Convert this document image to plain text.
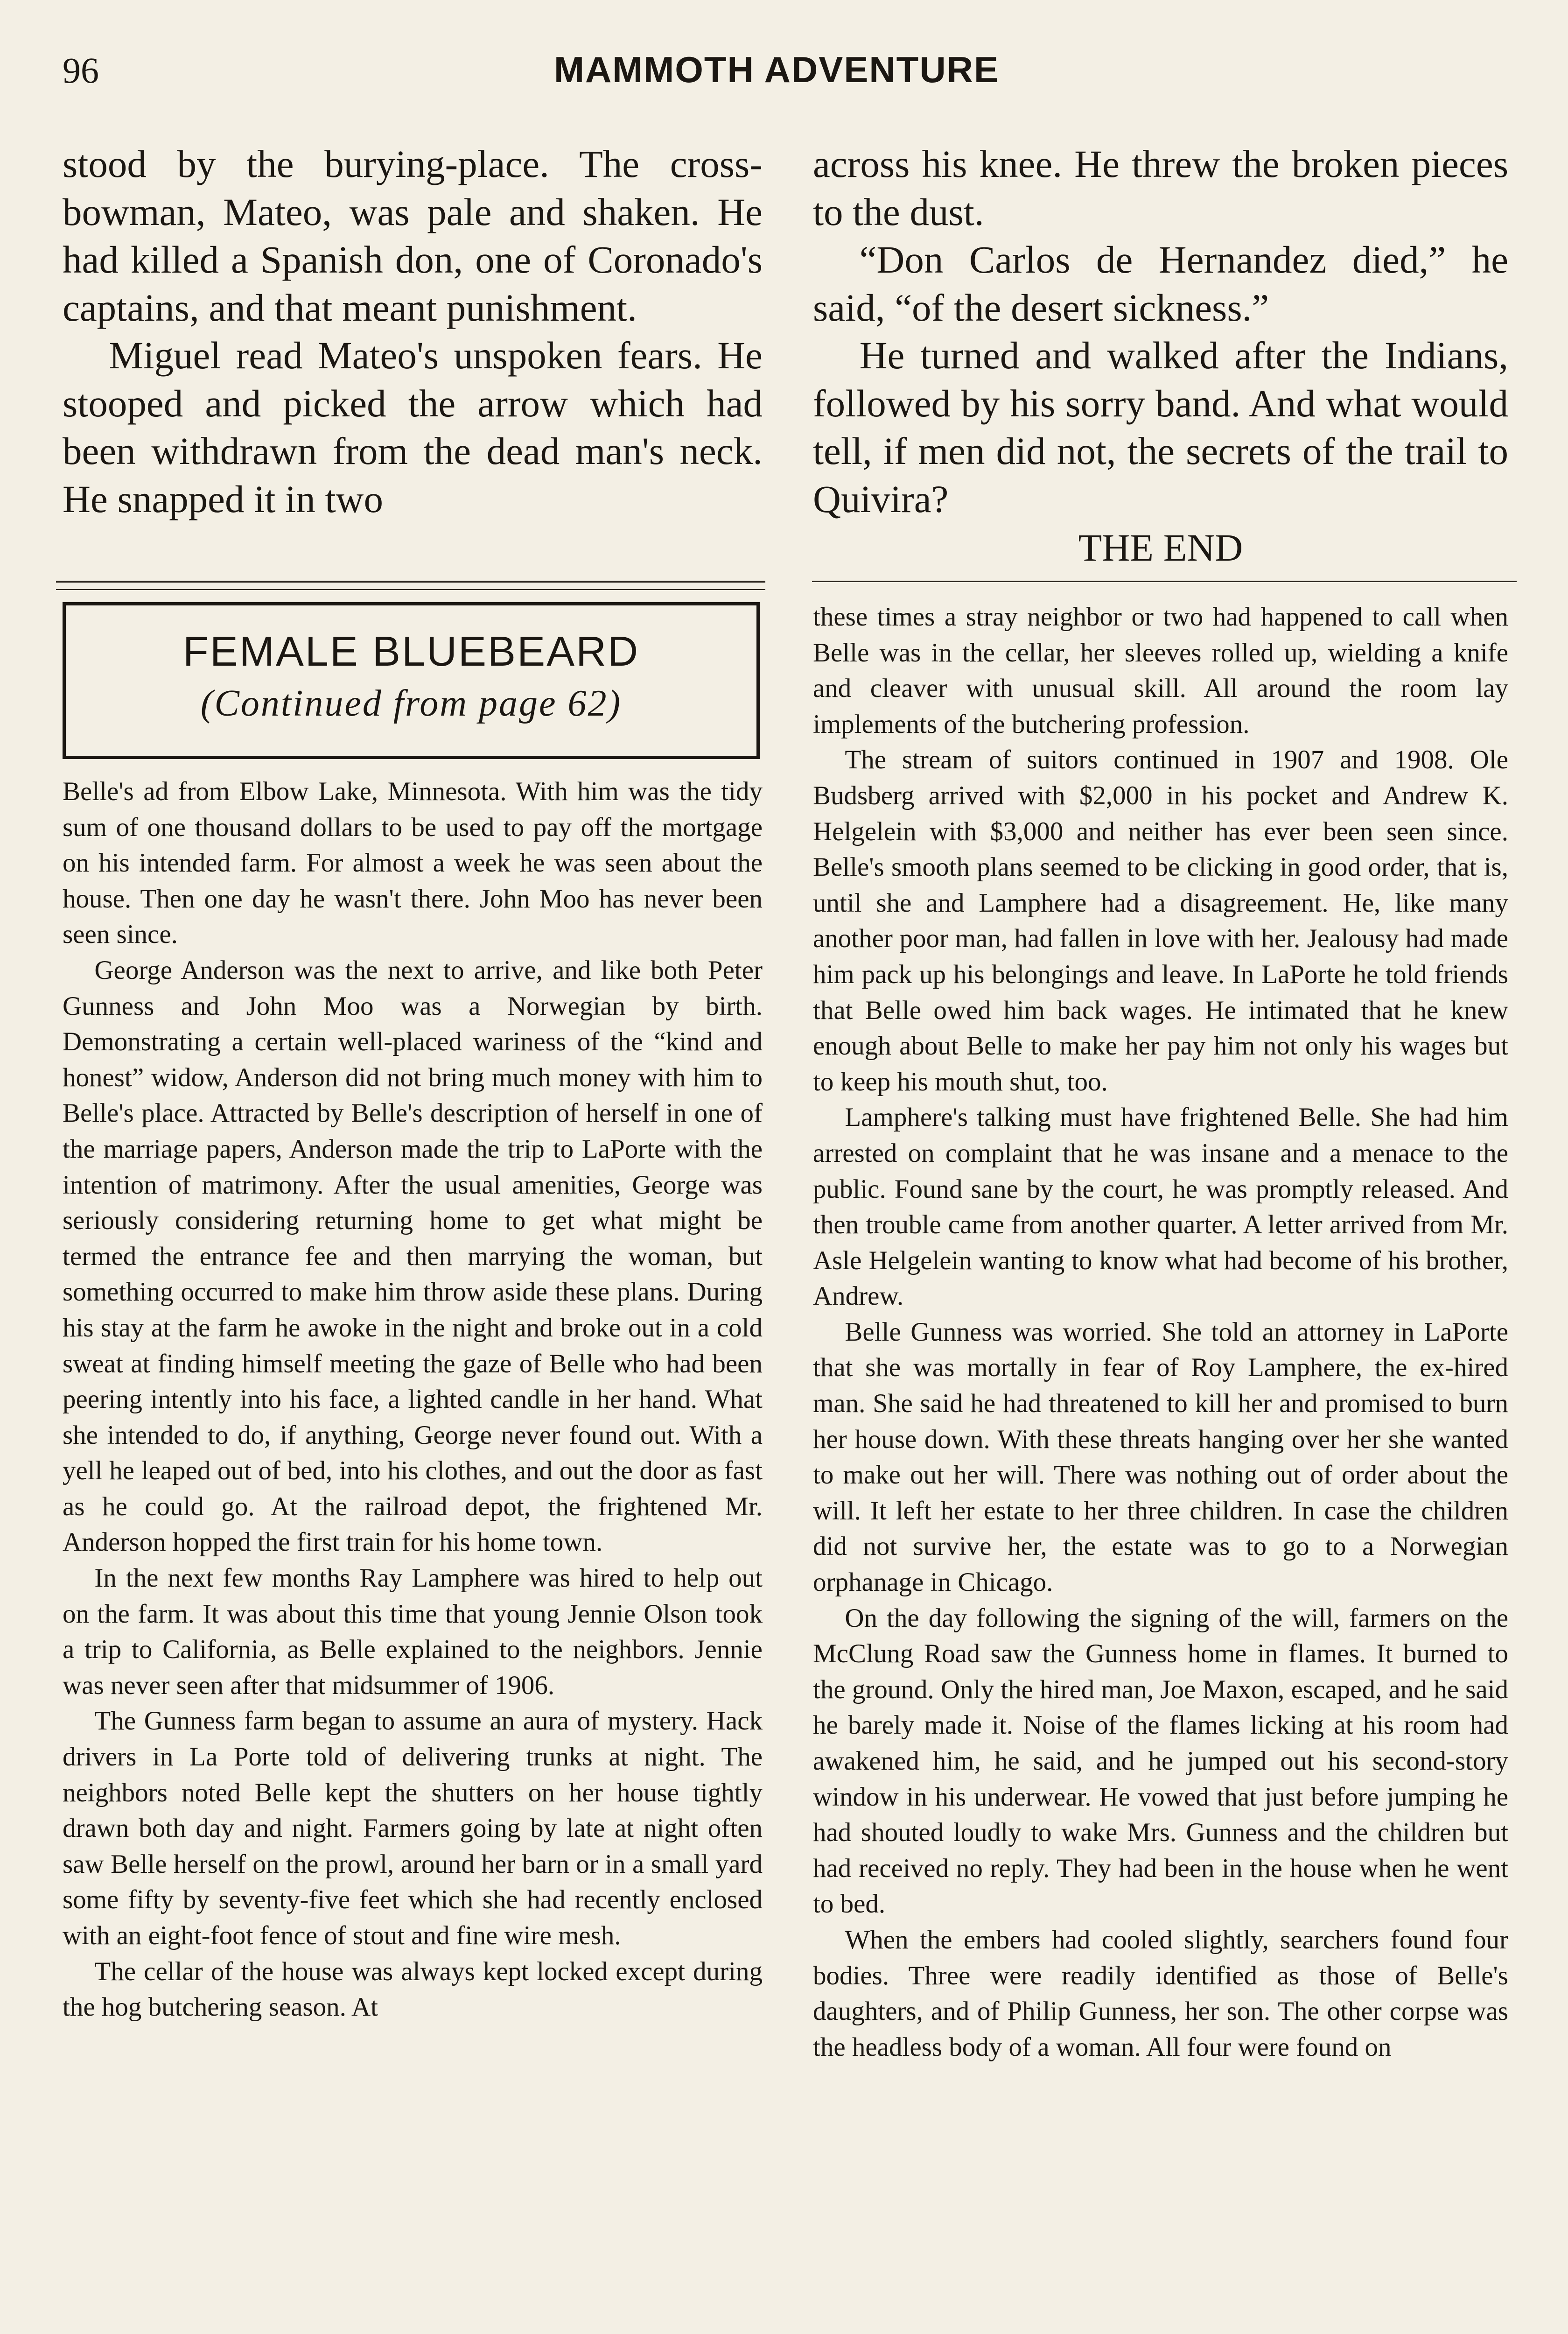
96	MAMMOTH ADVENTURE

stood by the burying-place. The cross-bowman, Mateo, was pale and shaken. He had killed a Spanish don, one of Coronado's captains, and that meant punishment.

Miguel read Mateo's unspoken fears. He stooped and picked the arrow which had been withdrawn from the dead man's neck. He snapped it in two

across his knee. He threw the broken pieces to the dust.

“Don Carlos de Hernandez died,” he said, “of the desert sickness.”

He turned and walked after the Indians, followed by his sorry band. And what would tell, if men did not, the secrets of the trail to Quivira?

THE END

FEMALE BLUEBEARD
(Continued from page 62)

Belle's ad from Elbow Lake, Minnesota. With him was the tidy sum of one thousand dollars to be used to pay off the mortgage on his intended farm. For almost a week he was seen about the house. Then one day he wasn't there. John Moo has never been seen since.

George Anderson was the next to arrive, and like both Peter Gunness and John Moo was a Norwegian by birth. Demonstrating a certain well-placed wariness of the “kind and honest” widow, Anderson did not bring much money with him to Belle's place. Attracted by Belle's description of herself in one of the marriage papers, Anderson made the trip to LaPorte with the intention of matrimony. After the usual amenities, George was seriously considering returning home to get what might be termed the entrance fee and then marrying the woman, but something occurred to make him throw aside these plans. During his stay at the farm he awoke in the night and broke out in a cold sweat at finding himself meeting the gaze of Belle who had been peering intently into his face, a lighted candle in her hand. What she intended to do, if anything, George never found out. With a yell he leaped out of bed, into his clothes, and out the door as fast as he could go. At the railroad depot, the frightened Mr. Anderson hopped the first train for his home town.

In the next few months Ray Lamphere was hired to help out on the farm. It was about this time that young Jennie Olson took a trip to California, as Belle explained to the neighbors. Jennie was never seen after that midsummer of 1906.

The Gunness farm began to assume an aura of mystery. Hack drivers in La Porte told of delivering trunks at night. The neighbors noted Belle kept the shutters on her house tightly drawn both day and night. Farmers going by late at night often saw Belle herself on the prowl, around her barn or in a small yard some fifty by seventy-five feet which she had recently enclosed with an eight-foot fence of stout and fine wire mesh.

The cellar of the house was always kept locked except during the hog butchering season. At

these times a stray neighbor or two had happened to call when Belle was in the cellar, her sleeves rolled up, wielding a knife and cleaver with unusual skill. All around the room lay implements of the butchering profession.

The stream of suitors continued in 1907 and 1908. Ole Budsberg arrived with $2,000 in his pocket and Andrew K. Helgelein with $3,000 and neither has ever been seen since. Belle's smooth plans seemed to be clicking in good order, that is, until she and Lamphere had a disagreement. He, like many another poor man, had fallen in love with her. Jealousy had made him pack up his belongings and leave. In LaPorte he told friends that Belle owed him back wages. He intimated that he knew enough about Belle to make her pay him not only his wages but to keep his mouth shut, too.

Lamphere's talking must have frightened Belle. She had him arrested on complaint that he was insane and a menace to the public. Found sane by the court, he was promptly released. And then trouble came from another quarter. A letter arrived from Mr. Asle Helgelein wanting to know what had become of his brother, Andrew.

Belle Gunness was worried. She told an attorney in LaPorte that she was mortally in fear of Roy Lamphere, the ex-hired man. She said he had threatened to kill her and promised to burn her house down. With these threats hanging over her she wanted to make out her will. There was nothing out of order about the will. It left her estate to her three children. In case the children did not survive her, the estate was to go to a Norwegian orphanage in Chicago.

On the day following the signing of the will, farmers on the McClung Road saw the Gunness home in flames. It burned to the ground. Only the hired man, Joe Maxon, escaped, and he said he barely made it. Noise of the flames licking at his room had awakened him, he said, and he jumped out his second-story window in his underwear. He vowed that just before jumping he had shouted loudly to wake Mrs. Gunness and the children but had received no reply. They had been in the house when he went to bed.

When the embers had cooled slightly, searchers found four bodies. Three were readily identified as those of Belle's daughters, and of Philip Gunness, her son. The other corpse was the headless body of a woman. All four were found on
